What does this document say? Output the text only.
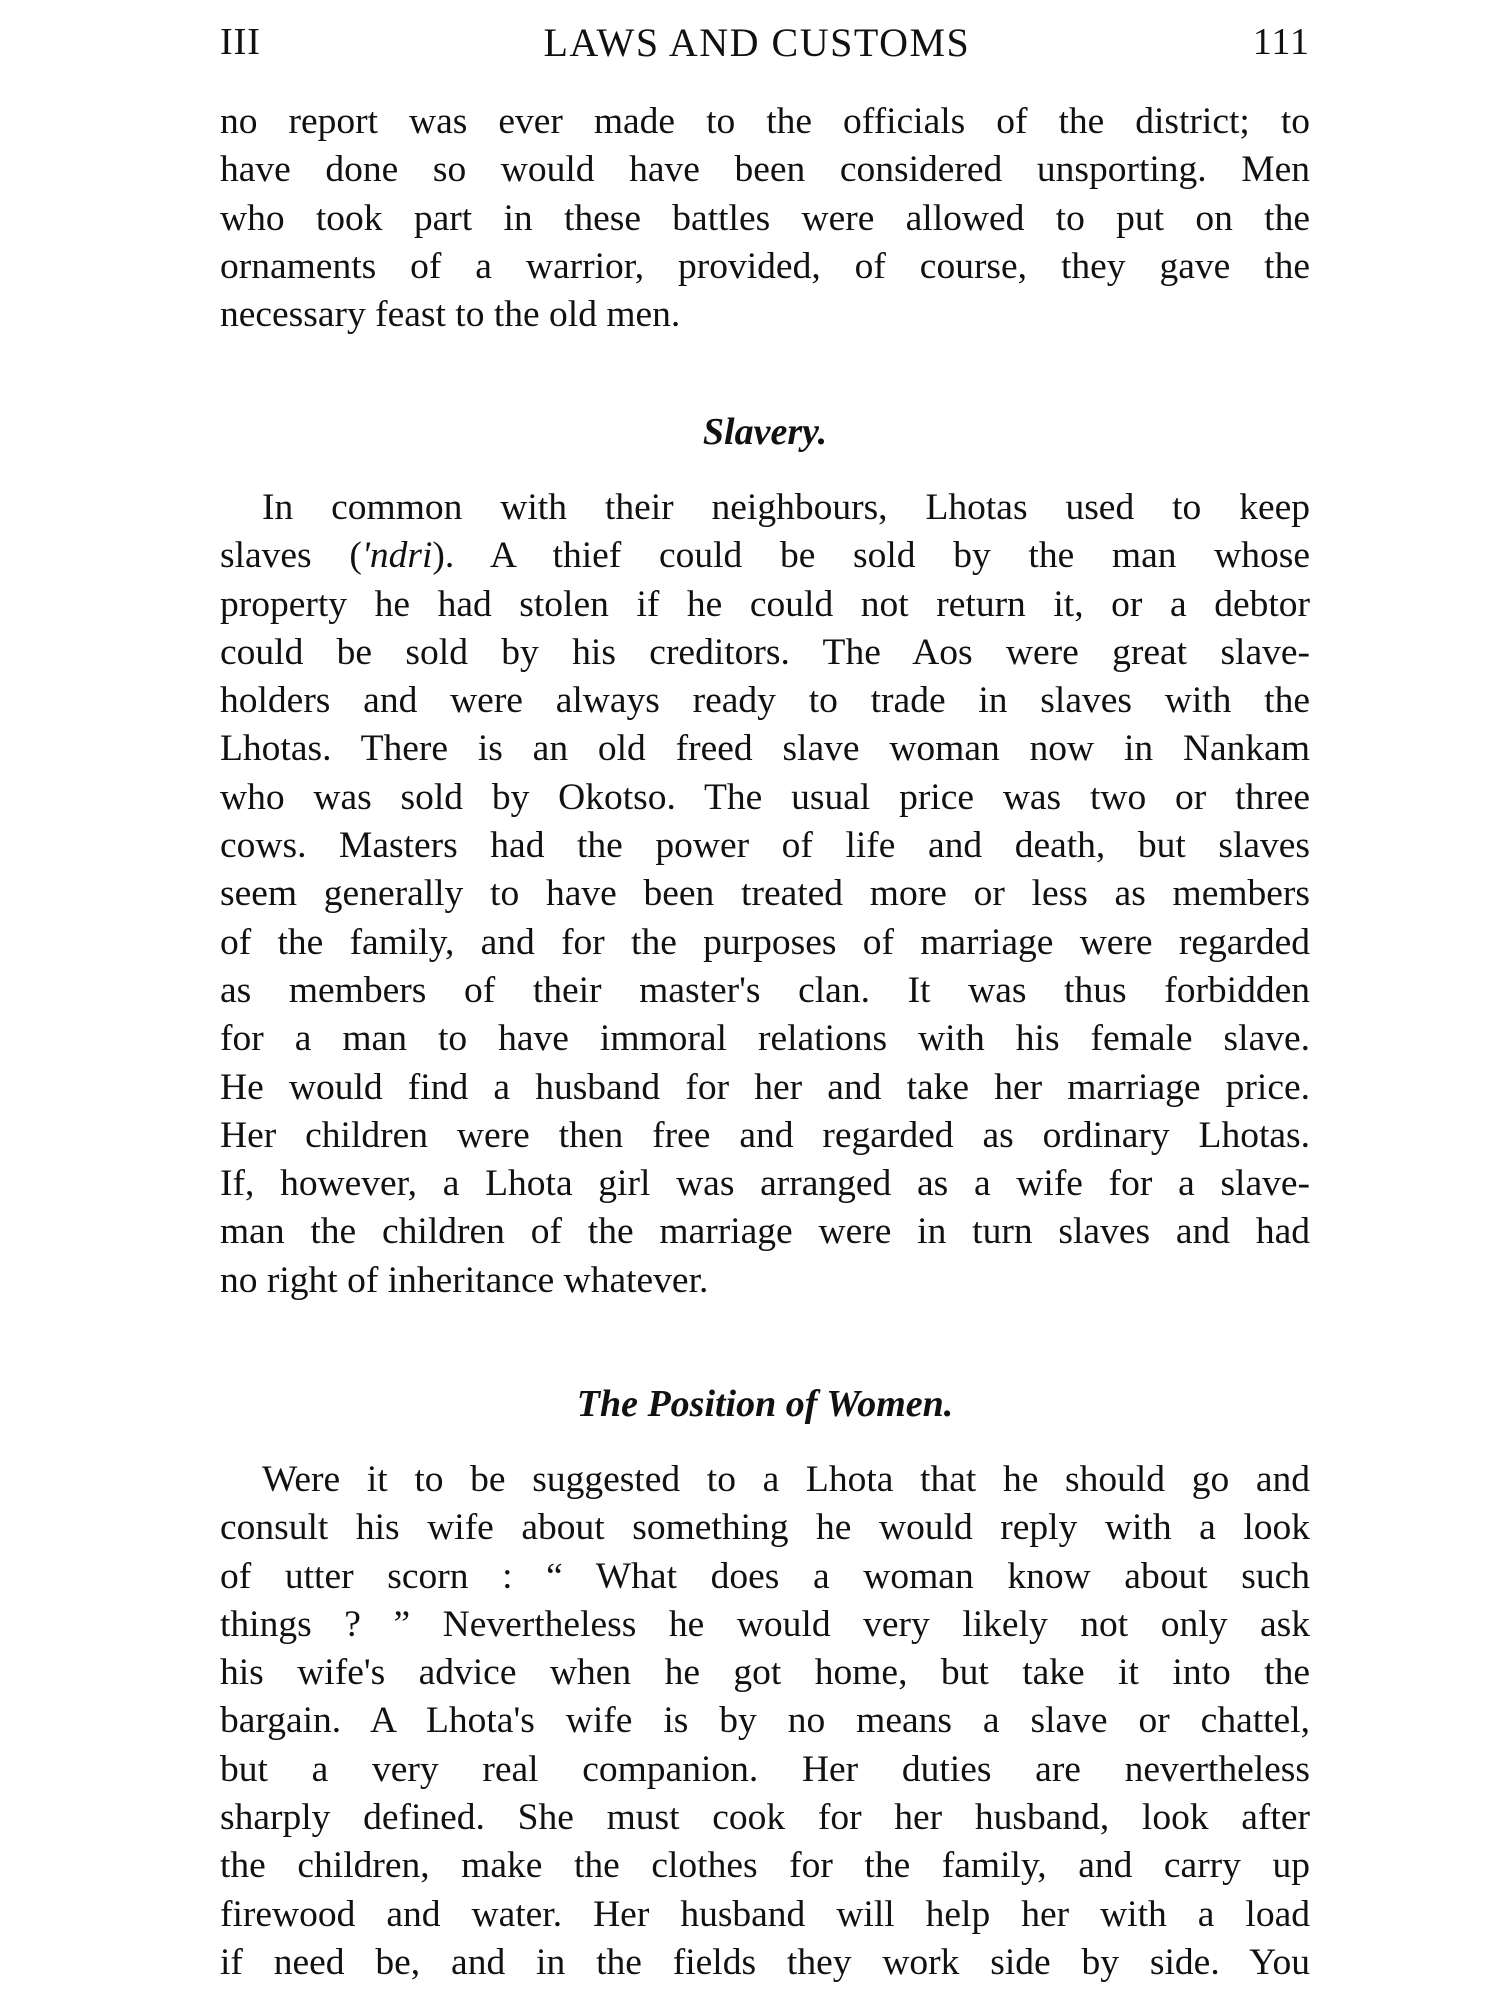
III	LAWS AND CUSTOMS	111

no report was ever made to the officials of the district; to
have done so would have been considered unsporting. Men
who took part in these battles were allowed to put on the
ornaments of a warrior, provided, of course, they gave the
necessary feast to the old men.

Slavery.

In common with their neighbours, Lhotas used to keep
slaves ('ndri). A thief could be sold by the man whose
property he had stolen if he could not return it, or a debtor
could be sold by his creditors. The Aos were great slave-
holders and were always ready to trade in slaves with the
Lhotas. There is an old freed slave woman now in Nankam
who was sold by Okotso. The usual price was two or three
cows. Masters had the power of life and death, but slaves
seem generally to have been treated more or less as members
of the family, and for the purposes of marriage were regarded
as members of their master's clan. It was thus forbidden
for a man to have immoral relations with his female slave.
He would find a husband for her and take her marriage price.
Her children were then free and regarded as ordinary Lhotas.
If, however, a Lhota girl was arranged as a wife for a slave-
man the children of the marriage were in turn slaves and had
no right of inheritance whatever.

The Position of Women.

Were it to be suggested to a Lhota that he should go and
consult his wife about something he would reply with a look
of utter scorn : “ What does a woman know about such
things ? ” Nevertheless he would very likely not only ask
his wife's advice when he got home, but take it into the
bargain. A Lhota's wife is by no means a slave or chattel,
but a very real companion. Her duties are nevertheless
sharply defined. She must cook for her husband, look after
the children, make the clothes for the family, and carry up
firewood and water. Her husband will help her with a load
if need be, and in the fields they work side by side. You
